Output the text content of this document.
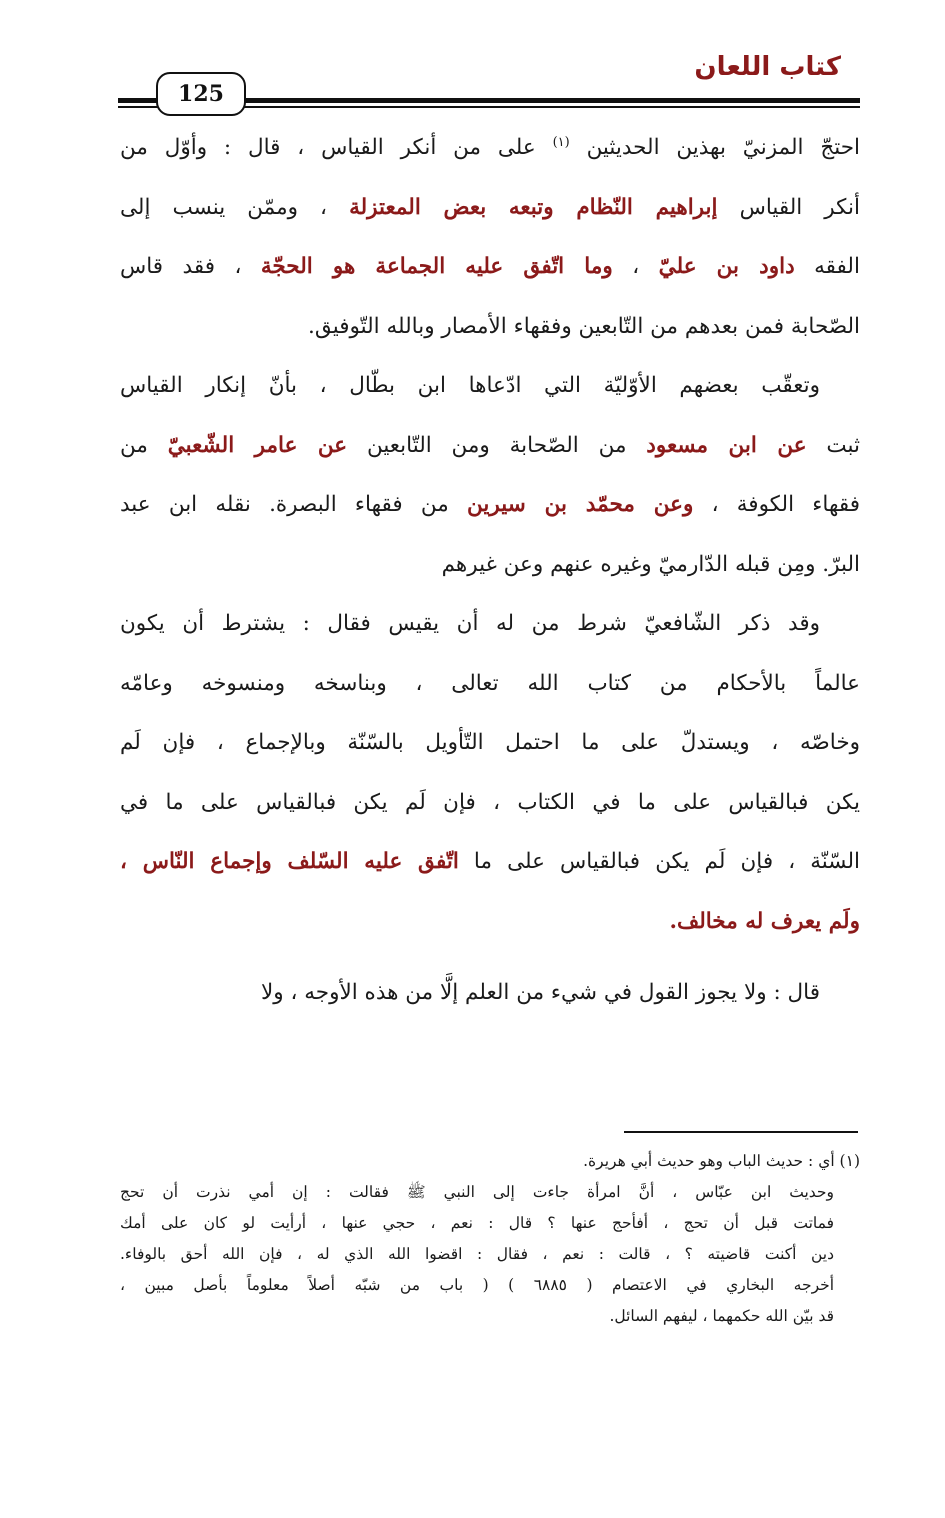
كتاب اللعان
125
احتجّ المزنيّ بهذين الحديثين $^{(١)}$ على من أنكر القياس ، قال : وأوّل من
أنكر القياس إبراهيم النّظام وتبعه بعض المعتزلة ، وممّن ينسب إلى
الفقه داود بن عليّ ، وما اتّفق عليه الجماعة هو الحجّة ، فقد قاس
الصّحابة فمن بعدهم من التّابعين وفقهاء الأمصار وبالله التّوفيق.
وتعقّب بعضهم الأوّليّة التي ادّعاها ابن بطّال ، بأنّ إنكار القياس
ثبت عن ابن مسعود من الصّحابة ومن التّابعين عن عامر الشّعبيّ من
فقهاء الكوفة ، وعن محمّد بن سيرين من فقهاء البصرة. نقله ابن عبد
البرّ. ومِن قبله الدّارميّ وغيره عنهم وعن غيرهم
وقد ذكر الشّافعيّ شرط من له أن يقيس فقال : يشترط أن يكون
عالماً بالأحكام من كتاب الله تعالى ، وبناسخه ومنسوخه وعامّه
وخاصّه ، ويستدلّ على ما احتمل التّأويل بالسّنّة وبالإجماع ، فإن لَم
يكن فبالقياس على ما في الكتاب ، فإن لَم يكن فبالقياس على ما في
السّنّة ، فإن لَم يكن فبالقياس على ما اتّفق عليه السّلف وإجماع النّاس ،
ولَم يعرف له مخالف.
قال : ولا يجوز القول في شيء من العلم إلَّا من هذه الأوجه ، ولا
(١) أي : حديث الباب وهو حديث أبي هريرة.
وحديث ابن عبّاس ، أنَّ امرأة جاءت إلى النبي ﷺ فقالت : إن أمي نذرت أن تحج
فماتت قبل أن تحج ، أفأحج عنها ؟ قال : نعم ، حجي عنها ، أرأيت لو كان على أمك
دين أكنت قاضيته ؟ ، قالت : نعم ، فقال : اقضوا الله الذي له ، فإن الله أحق بالوفاء.
أخرجه البخاري في الاعتصام ( ٦٨٨٥ ) ( باب من شبّه أصلاً معلوماً بأصل مبين ،
قد بيّن الله حكمهما ، ليفهم السائل.
